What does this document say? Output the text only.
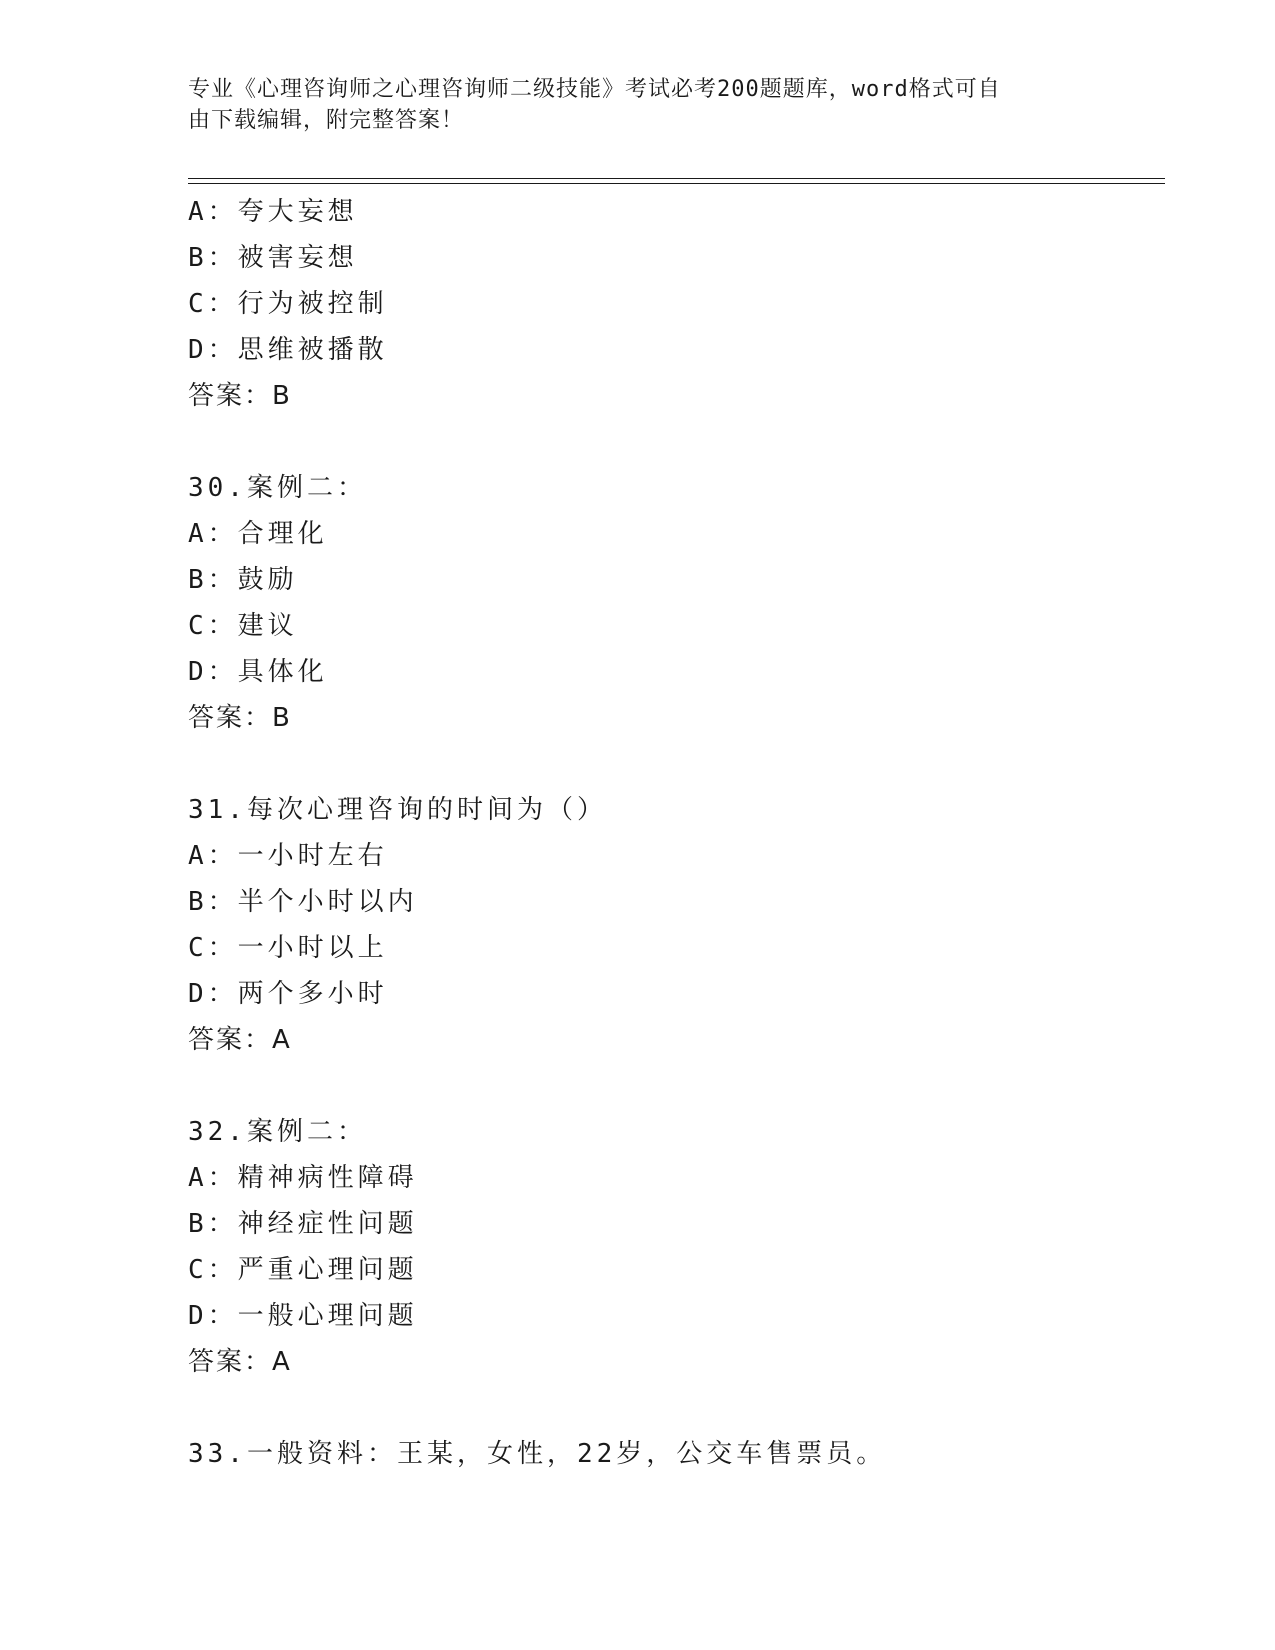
专业《心理咨询师之心理咨询师二级技能》考试必考200题题库，word格式可自
由下载编辑，附完整答案！
A：夸大妄想
B：被害妄想
C：行为被控制
D：思维被播散
答案：B
30.案例二：
A：合理化
B：鼓励
C：建议
D：具体化
答案：B
31.每次心理咨询的时间为（）
A：一小时左右
B：半个小时以内
C：一小时以上
D：两个多小时
答案：A
32.案例二：
A：精神病性障碍
B：神经症性问题
C：严重心理问题
D：一般心理问题
答案：A
33.一般资料：王某，女性，22岁，公交车售票员。
